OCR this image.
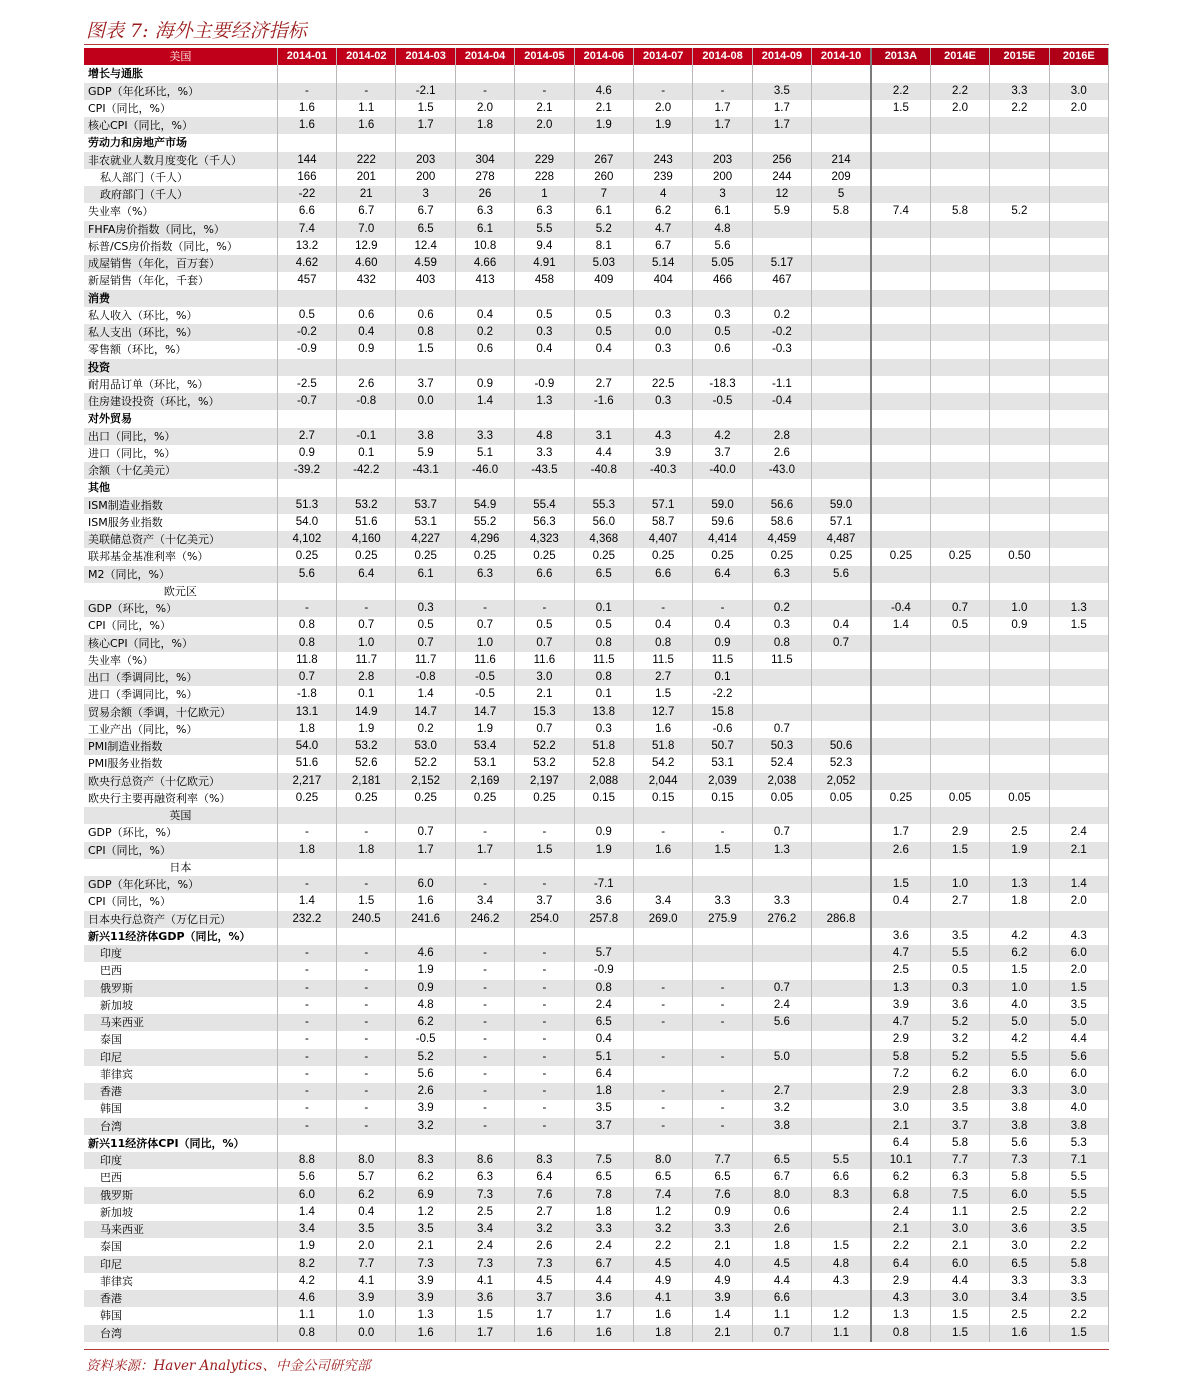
图表 7: 海外主要经济指标
美国	2014-01	2014-02	2014-03	2014-04	2014-05	2014-06	2014-07	2014-08	2014-09	2014-10	2013A	2014E	2015E	2016E
增长与通胀														
GDP（年化环比，%）	-	-	-2.1	-	-	4.6	-	-	3.5		2.2	2.2	3.3	3.0
CPI（同比，%）	1.6	1.1	1.5	2.0	2.1	2.1	2.0	1.7	1.7		1.5	2.0	2.2	2.0
核心CPI（同比，%）	1.6	1.6	1.7	1.8	2.0	1.9	1.9	1.7	1.7					
劳动力和房地产市场														
非农就业人数月度变化（千人）	144	222	203	304	229	267	243	203	256	214				
私人部门（千人）	166	201	200	278	228	260	239	200	244	209				
政府部门（千人）	-22	21	3	26	1	7	4	3	12	5				
失业率（%）	6.6	6.7	6.7	6.3	6.3	6.1	6.2	6.1	5.9	5.8	7.4	5.8	5.2	
FHFA房价指数（同比，%）	7.4	7.0	6.5	6.1	5.5	5.2	4.7	4.8						
标普/CS房价指数（同比，%）	13.2	12.9	12.4	10.8	9.4	8.1	6.7	5.6						
成屋销售（年化，百万套）	4.62	4.60	4.59	4.66	4.91	5.03	5.14	5.05	5.17					
新屋销售（年化，千套）	457	432	403	413	458	409	404	466	467					
消费														
私人收入（环比，%）	0.5	0.6	0.6	0.4	0.5	0.5	0.3	0.3	0.2					
私人支出（环比，%）	-0.2	0.4	0.8	0.2	0.3	0.5	0.0	0.5	-0.2					
零售额（环比，%）	-0.9	0.9	1.5	0.6	0.4	0.4	0.3	0.6	-0.3					
投资														
耐用品订单（环比，%）	-2.5	2.6	3.7	0.9	-0.9	2.7	22.5	-18.3	-1.1					
住房建设投资（环比，%）	-0.7	-0.8	0.0	1.4	1.3	-1.6	0.3	-0.5	-0.4					
对外贸易														
出口（同比，%）	2.7	-0.1	3.8	3.3	4.8	3.1	4.3	4.2	2.8					
进口（同比，%）	0.9	0.1	5.9	5.1	3.3	4.4	3.9	3.7	2.6					
余额（十亿美元）	-39.2	-42.2	-43.1	-46.0	-43.5	-40.8	-40.3	-40.0	-43.0					
其他														
ISM制造业指数	51.3	53.2	53.7	54.9	55.4	55.3	57.1	59.0	56.6	59.0				
ISM服务业指数	54.0	51.6	53.1	55.2	56.3	56.0	58.7	59.6	58.6	57.1				
美联储总资产（十亿美元）	4,102	4,160	4,227	4,296	4,323	4,368	4,407	4,414	4,459	4,487				
联邦基金基准利率（%）	0.25	0.25	0.25	0.25	0.25	0.25	0.25	0.25	0.25	0.25	0.25	0.25	0.50	
M2（同比，%）	5.6	6.4	6.1	6.3	6.6	6.5	6.6	6.4	6.3	5.6				
欧元区														
GDP（环比，%）	-	-	0.3	-	-	0.1	-	-	0.2		-0.4	0.7	1.0	1.3
CPI（同比，%）	0.8	0.7	0.5	0.7	0.5	0.5	0.4	0.4	0.3	0.4	1.4	0.5	0.9	1.5
核心CPI（同比，%）	0.8	1.0	0.7	1.0	0.7	0.8	0.8	0.9	0.8	0.7				
失业率（%）	11.8	11.7	11.7	11.6	11.6	11.5	11.5	11.5	11.5					
出口（季调同比，%）	0.7	2.8	-0.8	-0.5	3.0	0.8	2.7	0.1						
进口（季调同比，%）	-1.8	0.1	1.4	-0.5	2.1	0.1	1.5	-2.2						
贸易余额（季调，十亿欧元）	13.1	14.9	14.7	14.7	15.3	13.8	12.7	15.8						
工业产出（同比，%）	1.8	1.9	0.2	1.9	0.7	0.3	1.6	-0.6	0.7					
PMI制造业指数	54.0	53.2	53.0	53.4	52.2	51.8	51.8	50.7	50.3	50.6				
PMI服务业指数	51.6	52.6	52.2	53.1	53.2	52.8	54.2	53.1	52.4	52.3				
欧央行总资产（十亿欧元）	2,217	2,181	2,152	2,169	2,197	2,088	2,044	2,039	2,038	2,052				
欧央行主要再融资利率（%）	0.25	0.25	0.25	0.25	0.25	0.15	0.15	0.15	0.05	0.05	0.25	0.05	0.05	
英国														
GDP（环比，%）	-	-	0.7	-	-	0.9	-	-	0.7		1.7	2.9	2.5	2.4
CPI（同比，%）	1.8	1.8	1.7	1.7	1.5	1.9	1.6	1.5	1.3		2.6	1.5	1.9	2.1
日本														
GDP（年化环比，%）	-	-	6.0	-	-	-7.1					1.5	1.0	1.3	1.4
CPI（同比，%）	1.4	1.5	1.6	3.4	3.7	3.6	3.4	3.3	3.3		0.4	2.7	1.8	2.0
日本央行总资产（万亿日元）	232.2	240.5	241.6	246.2	254.0	257.8	269.0	275.9	276.2	286.8				
新兴11经济体GDP（同比，%）											3.6	3.5	4.2	4.3
印度	-	-	4.6	-	-	5.7					4.7	5.5	6.2	6.0
巴西	-	-	1.9	-	-	-0.9					2.5	0.5	1.5	2.0
俄罗斯	-	-	0.9	-	-	0.8	-	-	0.7		1.3	0.3	1.0	1.5
新加坡	-	-	4.8	-	-	2.4	-	-	2.4		3.9	3.6	4.0	3.5
马来西亚	-	-	6.2	-	-	6.5	-	-	5.6		4.7	5.2	5.0	5.0
泰国	-	-	-0.5	-	-	0.4					2.9	3.2	4.2	4.4
印尼	-	-	5.2	-	-	5.1	-	-	5.0		5.8	5.2	5.5	5.6
菲律宾	-	-	5.6	-	-	6.4					7.2	6.2	6.0	6.0
香港	-	-	2.6	-	-	1.8	-	-	2.7		2.9	2.8	3.3	3.0
韩国	-	-	3.9	-	-	3.5	-	-	3.2		3.0	3.5	3.8	4.0
台湾	-	-	3.2	-	-	3.7	-	-	3.8		2.1	3.7	3.8	3.8
新兴11经济体CPI（同比，%）											6.4	5.8	5.6	5.3
印度	8.8	8.0	8.3	8.6	8.3	7.5	8.0	7.7	6.5	5.5	10.1	7.7	7.3	7.1
巴西	5.6	5.7	6.2	6.3	6.4	6.5	6.5	6.5	6.7	6.6	6.2	6.3	5.8	5.5
俄罗斯	6.0	6.2	6.9	7.3	7.6	7.8	7.4	7.6	8.0	8.3	6.8	7.5	6.0	5.5
新加坡	1.4	0.4	1.2	2.5	2.7	1.8	1.2	0.9	0.6		2.4	1.1	2.5	2.2
马来西亚	3.4	3.5	3.5	3.4	3.2	3.3	3.2	3.3	2.6		2.1	3.0	3.6	3.5
泰国	1.9	2.0	2.1	2.4	2.6	2.4	2.2	2.1	1.8	1.5	2.2	2.1	3.0	2.2
印尼	8.2	7.7	7.3	7.3	7.3	6.7	4.5	4.0	4.5	4.8	6.4	6.0	6.5	5.8
菲律宾	4.2	4.1	3.9	4.1	4.5	4.4	4.9	4.9	4.4	4.3	2.9	4.4	3.3	3.3
香港	4.6	3.9	3.9	3.6	3.7	3.6	4.1	3.9	6.6		4.3	3.0	3.4	3.5
韩国	1.1	1.0	1.3	1.5	1.7	1.7	1.6	1.4	1.1	1.2	1.3	1.5	2.5	2.2
台湾	0.8	0.0	1.6	1.7	1.6	1.6	1.8	2.1	0.7	1.1	0.8	1.5	1.6	1.5
资料来源：Haver Analytics、中金公司研究部
